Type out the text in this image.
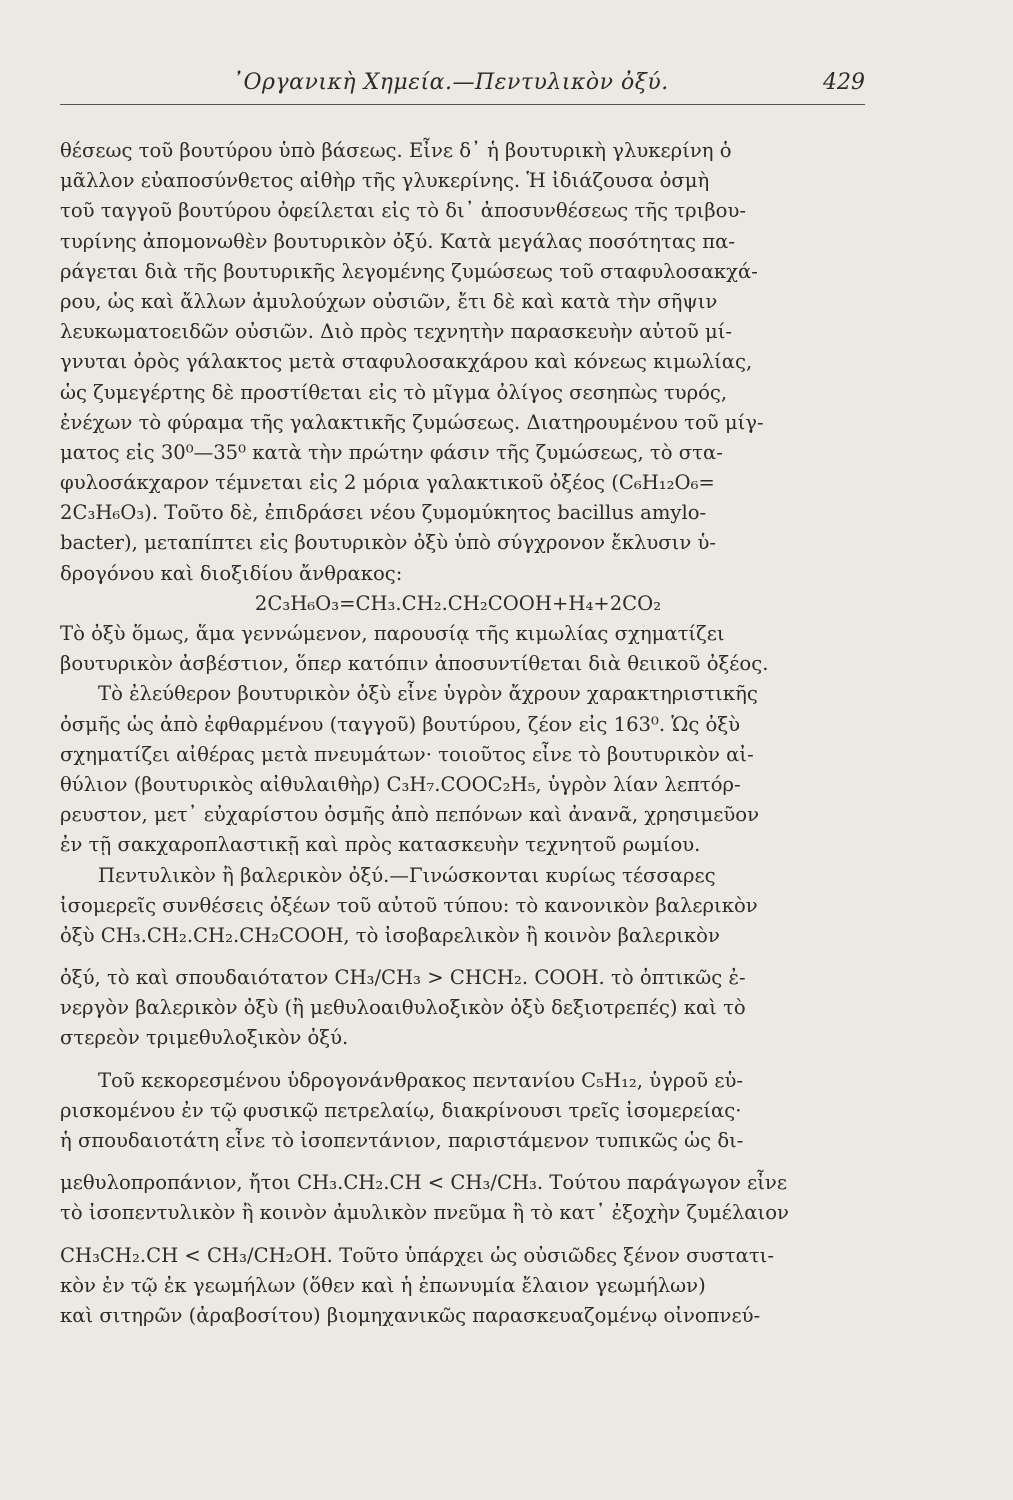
᾽Οργανικὴ Χημεία.—Πεντυλικὸν ὀξύ.	429
θέσεως τοῦ βουτύρου ὑπὸ βάσεως. Εἶνε δ᾽ ἡ βουτυρικὴ γλυκερίνη ὁ
μᾶλλον εὐαποσύνθετος αἰθὴρ τῆς γλυκερίνης. Ἡ ἰδιάζουσα ὀσμὴ
τοῦ ταγγοῦ βουτύρου ὀφείλεται εἰς τὸ δι᾽ ἀποσυνθέσεως τῆς τριβου-
τυρίνης ἀπομονωθὲν βουτυρικὸν ὀξύ. Κατὰ μεγάλας ποσότητας πα-
ράγεται διὰ τῆς βουτυρικῆς λεγομένης ζυμώσεως τοῦ σταφυλοσακχά-
ρου, ὡς καὶ ἄλλων ἀμυλούχων οὐσιῶν, ἔτι δὲ καὶ κατὰ τὴν σῆψιν
λευκωματοειδῶν οὐσιῶν. Διὸ πρὸς τεχνητὴν παρασκευὴν αὐτοῦ μί-
γνυται ὀρὸς γάλακτος μετὰ σταφυλοσακχάρου καὶ κόνεως κιμωλίας,
ὡς ζυμεγέρτης δὲ προστίθεται εἰς τὸ μῖγμα ὀλίγος σεσηπὼς τυρός,
ἐνέχων τὸ φύραμα τῆς γαλακτικῆς ζυμώσεως. Διατηρουμένου τοῦ μίγ-
ματος εἰς 30⁰—35⁰ κατὰ τὴν πρώτην φάσιν τῆς ζυμώσεως, τὸ στα-
φυλοσάκχαρον τέμνεται εἰς 2 μόρια γαλακτικοῦ ὀξέος (C₆H₁₂O₆=
2C₃H₆O₃). Τοῦτο δὲ, ἐπιδράσει νέου ζυμομύκητος bacillus amylo-
bacter), μεταπίπτει εἰς βουτυρικὸν ὀξὺ ὑπὸ σύγχρονον ἔκλυσιν ὑ-
δρογόνου καὶ διοξιδίου ἄνθρακος:
2C₃H₆O₃=CH₃.CH₂.CH₂COOH+H₄+2CO₂
Τὸ ὀξὺ ὅμως, ἅμα γεννώμενον, παρουσίᾳ τῆς κιμωλίας σχηματίζει
βουτυρικὸν ἀσβέστιον, ὅπερ κατόπιν ἀποσυντίθεται διὰ θειικοῦ ὀξέος.
Τὸ ἐλεύθερον βουτυρικὸν ὀξὺ εἶνε ὑγρὸν ἄχρουν χαρακτηριστικῆς
ὀσμῆς ὡς ἀπὸ ἐφθαρμένου (ταγγοῦ) βουτύρου, ζέον εἰς 163⁰. Ὡς ὀξὺ
σχηματίζει αἰθέρας μετὰ πνευμάτων· τοιοῦτος εἶνε τὸ βουτυρικὸν αἰ-
θύλιον (βουτυρικὸς αἰθυλαιθὴρ) C₃H₇.COOC₂H₅, ὑγρὸν λίαν λεπτόρ-
ρευστον, μετ᾽ εὐχαρίστου ὀσμῆς ἀπὸ πεπόνων καὶ ἀνανᾶ, χρησιμεῦον
ἐν τῇ σακχαροπλαστικῇ καὶ πρὸς κατασκευὴν τεχνητοῦ ρωμίου.
Πεντυλικὸν ἢ βαλερικὸν ὀξύ.—Γινώσκονται κυρίως τέσσαρες
ἰσομερεῖς συνθέσεις ὀξέων τοῦ αὐτοῦ τύπου: τὸ κανονικὸν βαλερικὸν
ὀξὺ CH₃.CH₂.CH₂.CH₂COOH, τὸ ἰσοβαρελικὸν ἢ κοινὸν βαλερικὸν
ὀξύ, τὸ καὶ σπουδαιότατον CH₃/CH₃ > CHCH₂. COOH. τὸ ὀπτικῶς ἐ-
νεργὸν βαλερικὸν ὀξὺ (ἢ μεθυλοαιθυλοξικὸν ὀξὺ δεξιοτρεπές) καὶ τὸ
στερεὸν τριμεθυλοξικὸν ὀξύ.
Τοῦ κεκορεσμένου ὑδρογονάνθρακος πεντανίου C₅H₁₂, ὑγροῦ εὑ-
ρισκομένου ἐν τῷ φυσικῷ πετρελαίῳ, διακρίνουσι τρεῖς ἰσομερείας·
ἡ σπουδαιοτάτη εἶνε τὸ ἰσοπεντάνιον, παριστάμενον τυπικῶς ὡς δι-
μεθυλοπροπάνιον, ἤτοι CH₃.CH₂.CH < CH₃/CH₃. Τούτου παράγωγον εἶνε
τὸ ἰσοπεντυλικὸν ἢ κοινὸν ἀμυλικὸν πνεῦμα ἢ τὸ κατ᾽ ἐξοχὴν ζυμέλαιον
CH₃CH₂.CH < CH₃/CH₂OH. Τοῦτο ὑπάρχει ὡς οὐσιῶδες ξένον συστατι-
κὸν ἐν τῷ ἐκ γεωμήλων (ὅθεν καὶ ἡ ἐπωνυμία ἔλαιον γεωμήλων)
καὶ σιτηρῶν (ἀραβοσίτου) βιομηχανικῶς παρασκευαζομένῳ οἰνοπνεύ-
